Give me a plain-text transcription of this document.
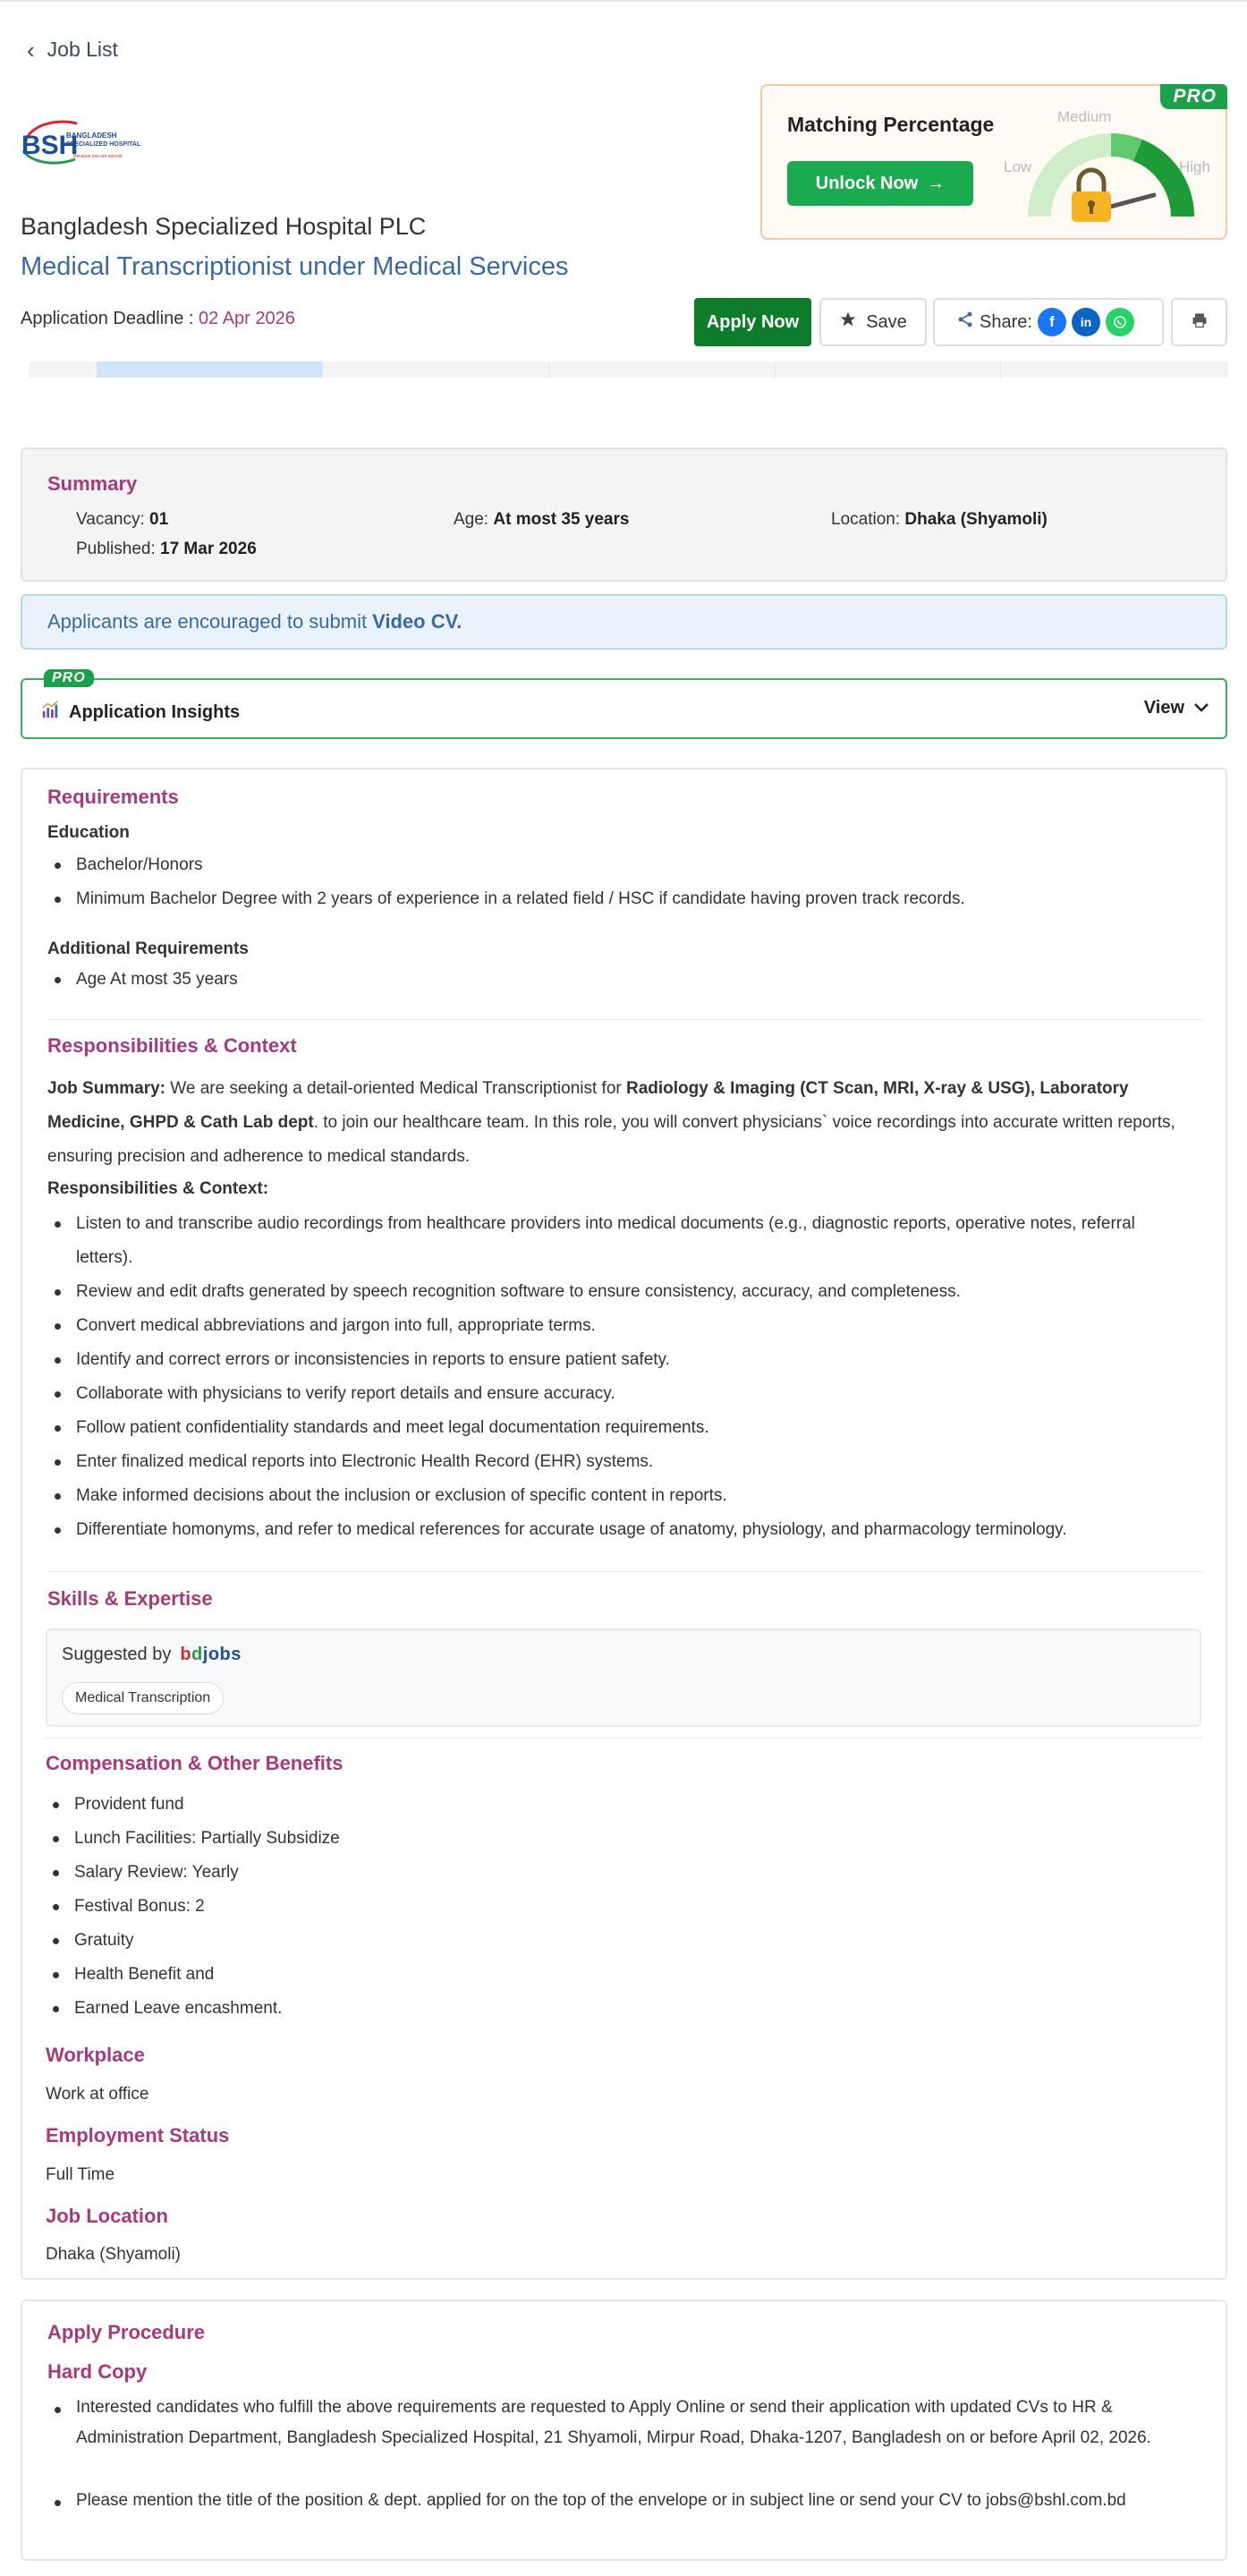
‹ Job List
BSH
BANGLADESH
SPECIALIZED HOSPITAL
Because you are special
Bangladesh Specialized Hospital PLC
Medical Transcriptionist under Medical Services
Application Deadline : 02 Apr 2026
PRO
Matching Percentage
Unlock Now →
Medium
Low	High
Apply Now	Save	Share:	f	in
Summary
Vacancy: 01	Age: At most 35 years	Location: Dhaka (Shyamoli)
Published: 17 Mar 2026
Applicants are encouraged to submit Video CV.
PRO
Application Insights	View
Requirements
Education
Bachelor/Honors
Minimum Bachelor Degree with 2 years of experience in a related field / HSC if candidate having proven track records.
Additional Requirements
Age At most 35 years
Responsibilities & Context
Job Summary: We are seeking a detail-oriented Medical Transcriptionist for Radiology & Imaging (CT Scan, MRI, X-ray & USG), Laboratory Medicine, GHPD & Cath Lab dept. to join our healthcare team. In this role, you will convert physicians` voice recordings into accurate written reports, ensuring precision and adherence to medical standards.
Responsibilities & Context:
Listen to and transcribe audio recordings from healthcare providers into medical documents (e.g., diagnostic reports, operative notes, referral letters).
Review and edit drafts generated by speech recognition software to ensure consistency, accuracy, and completeness.
Convert medical abbreviations and jargon into full, appropriate terms.
Identify and correct errors or inconsistencies in reports to ensure patient safety.
Collaborate with physicians to verify report details and ensure accuracy.
Follow patient confidentiality standards and meet legal documentation requirements.
Enter finalized medical reports into Electronic Health Record (EHR) systems.
Make informed decisions about the inclusion or exclusion of specific content in reports.
Differentiate homonyms, and refer to medical references for accurate usage of anatomy, physiology, and pharmacology terminology.
Skills & Expertise
Suggested by bdjobs
Medical Transcription
Compensation & Other Benefits
Provident fund
Lunch Facilities: Partially Subsidize
Salary Review: Yearly
Festival Bonus: 2
Gratuity
Health Benefit and
Earned Leave encashment.
Workplace
Work at office
Employment Status
Full Time
Job Location
Dhaka (Shyamoli)
Apply Procedure
Hard Copy
Interested candidates who fulfill the above requirements are requested to Apply Online or send their application with updated CVs to HR & Administration Department, Bangladesh Specialized Hospital, 21 Shyamoli, Mirpur Road, Dhaka-1207, Bangladesh on or before April 02, 2026.
Please mention the title of the position & dept. applied for on the top of the envelope or in subject line or send your CV to jobs@bshl.com.bd
